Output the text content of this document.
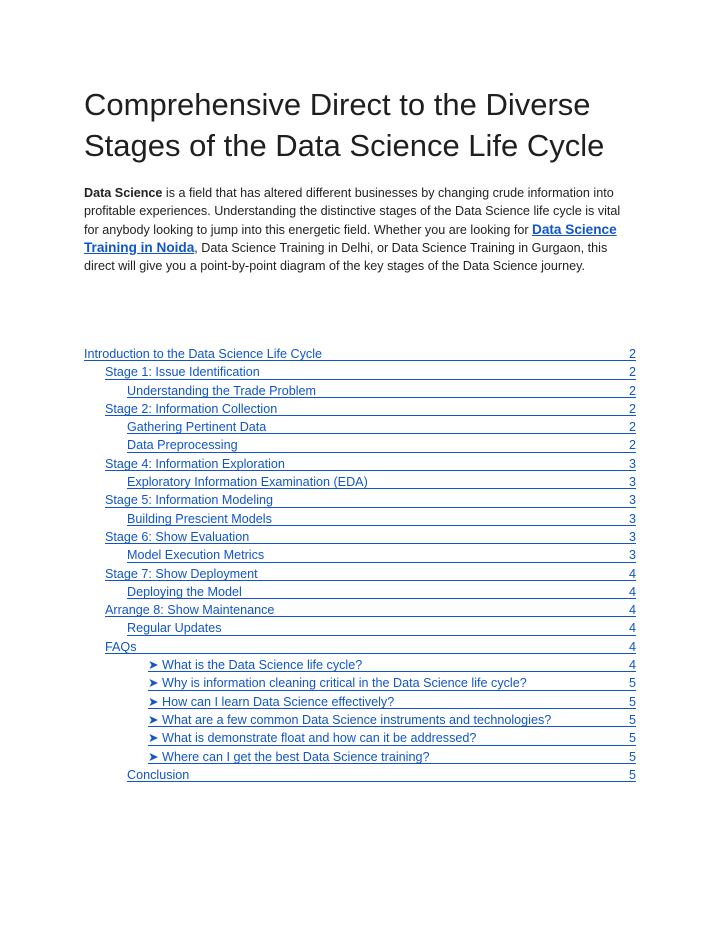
Comprehensive Direct to the Diverse Stages of the Data Science Life Cycle

Data Science is a field that has altered different businesses by changing crude information into profitable experiences. Understanding the distinctive stages of the Data Science life cycle is vital for anybody looking to jump into this energetic field. Whether you are looking for Data Science Training in Noida, Data Science Training in Delhi, or Data Science Training in Gurgaon, this direct will give you a point-by-point diagram of the key stages of the Data Science journey.

Introduction to the Data Science Life Cycle	2
Stage 1: Issue Identification	2
Understanding the Trade Problem	2
Stage 2: Information Collection	2
Gathering Pertinent Data	2
Data Preprocessing	2
Stage 4: Information Exploration	3
Exploratory Information Examination (EDA)	3
Stage 5: Information Modeling	3
Building Prescient Models	3
Stage 6: Show Evaluation	3
Model Execution Metrics	3
Stage 7: Show Deployment	4
Deploying the Model	4
Arrange 8: Show Maintenance	4
Regular Updates	4
FAQs	4
➤ What is the Data Science life cycle?	4
➤ Why is information cleaning critical in the Data Science life cycle?	5
➤ How can I learn Data Science effectively?	5
➤ What are a few common Data Science instruments and technologies?	5
➤ What is demonstrate float and how can it be addressed?	5
➤ Where can I get the best Data Science training?	5
Conclusion	5
